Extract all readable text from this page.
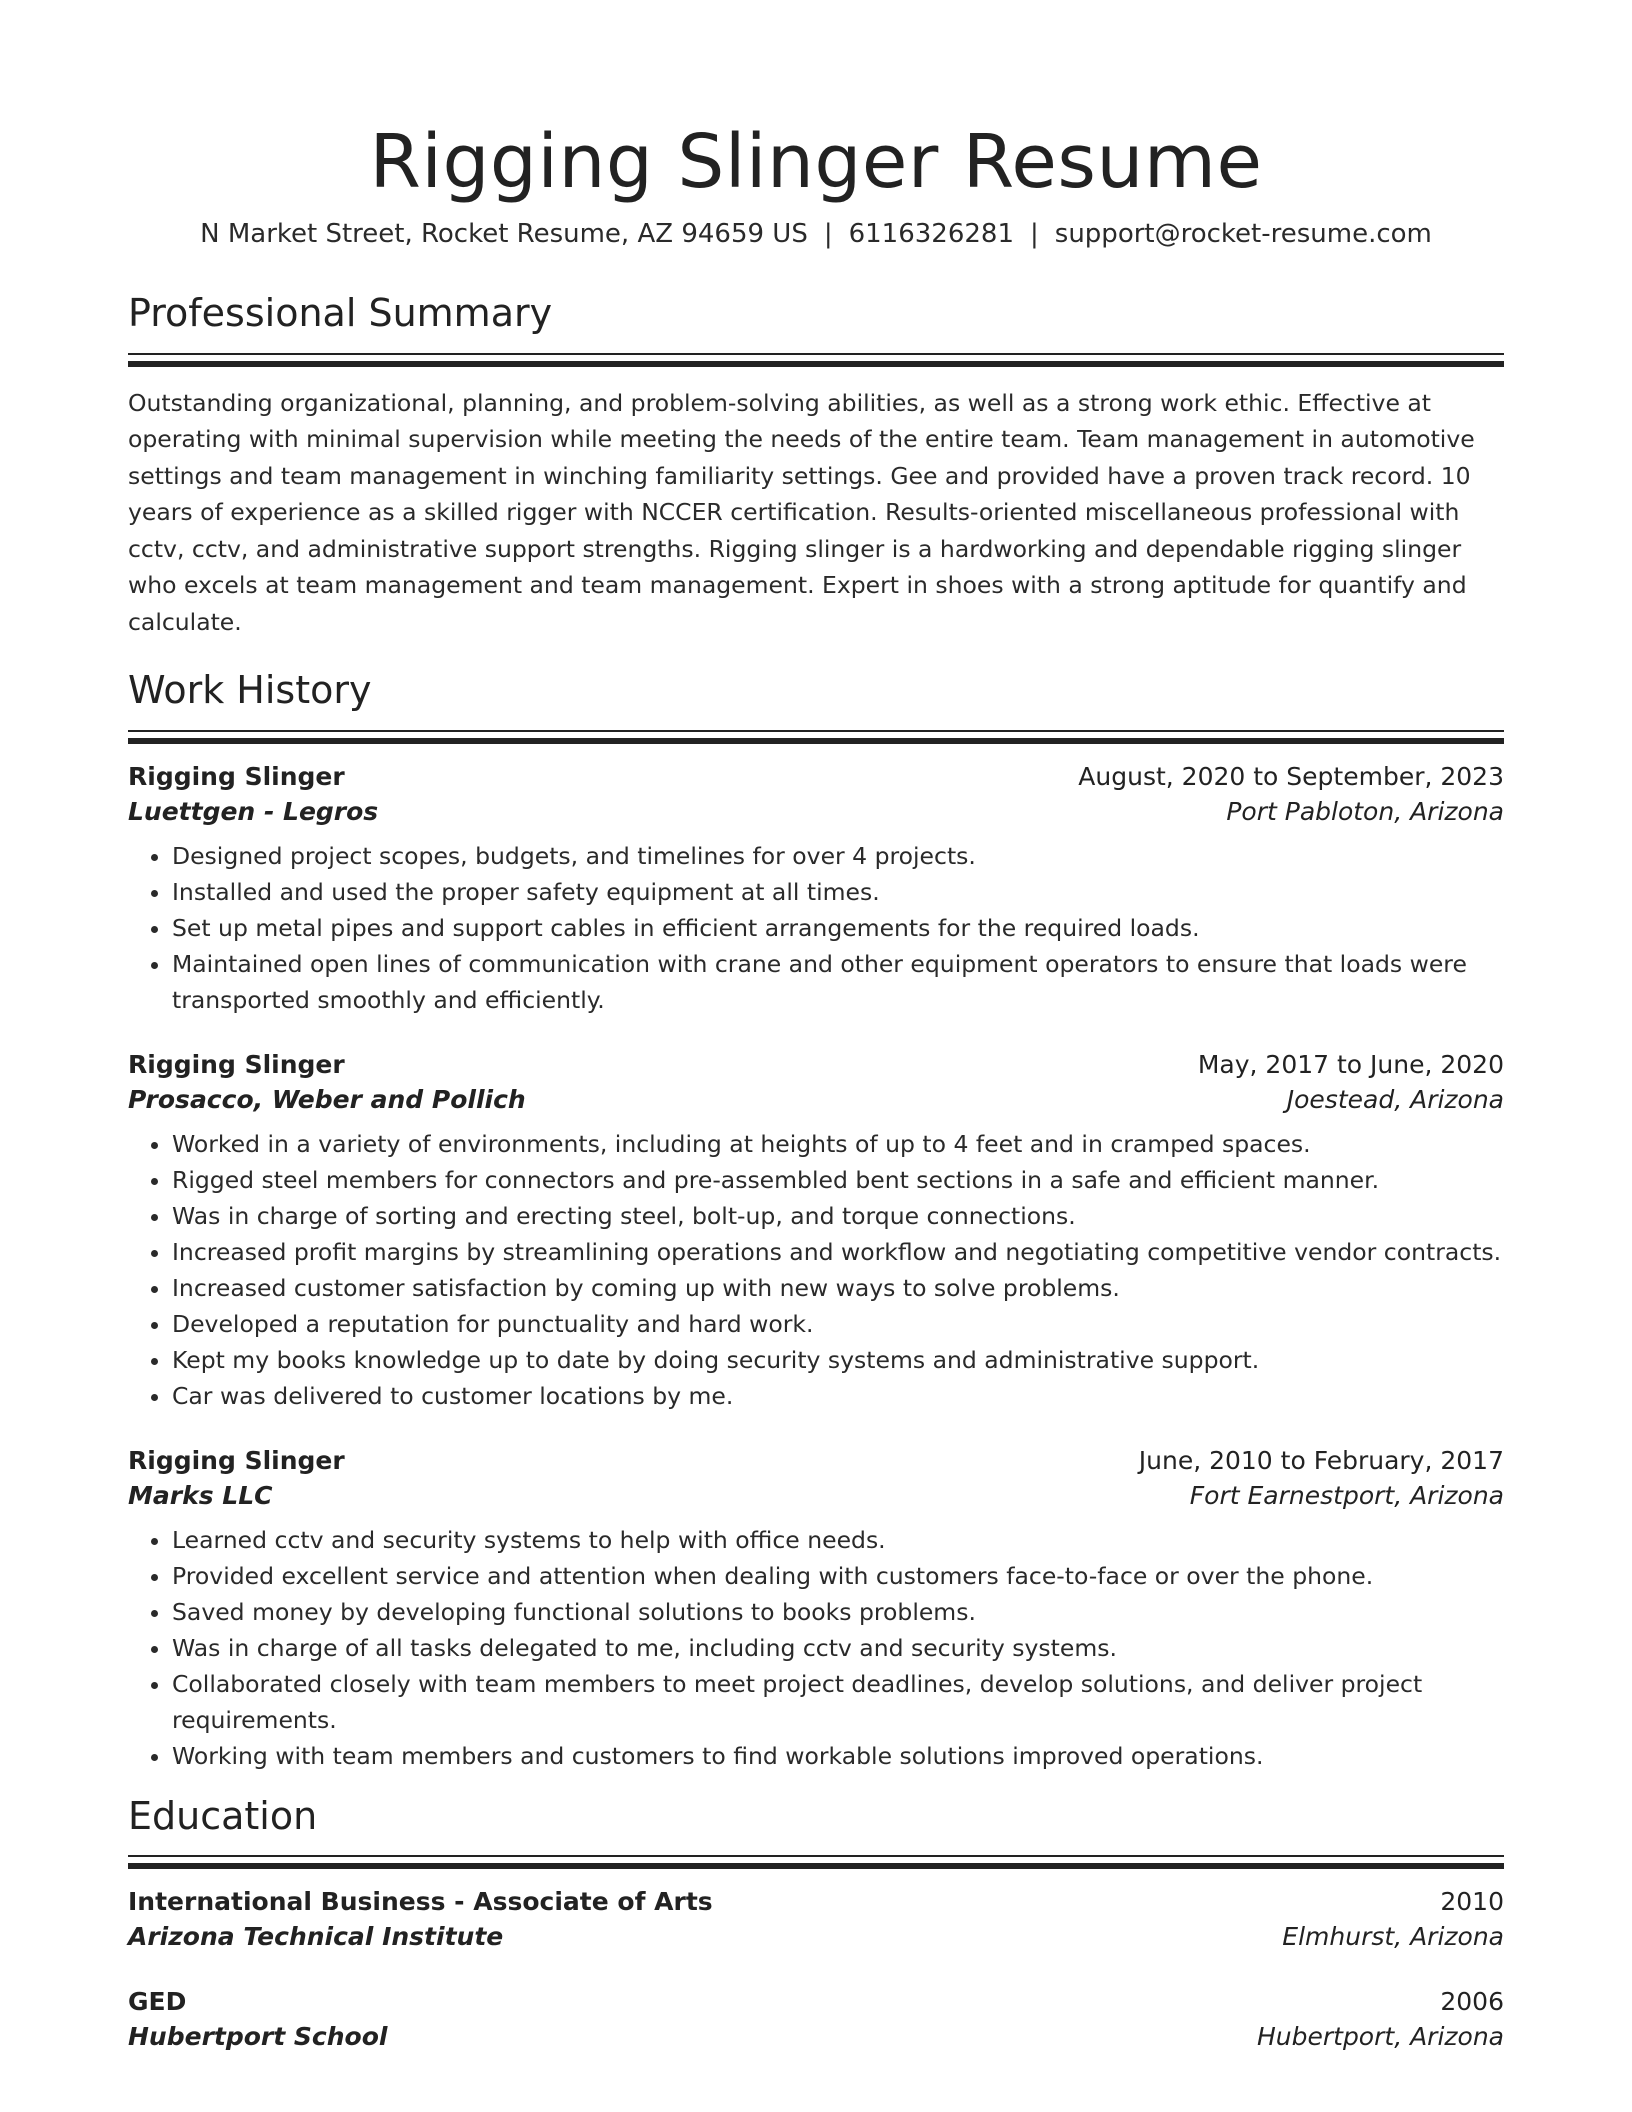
Rigging Slinger Resume
N Market Street, Rocket Resume, AZ 94659 US | 6116326281 | support@rocket-resume.com
Professional Summary

Outstanding organizational, planning, and problem-solving abilities, as well as a strong work ethic. Effective at operating with minimal supervision while meeting the needs of the entire team. Team management in automotive settings and team management in winching familiarity settings. Gee and provided have a proven track record. 10 years of experience as a skilled rigger with NCCER certification. Results-oriented miscellaneous professional with cctv, cctv, and administrative support strengths. Rigging slinger is a hardworking and dependable rigging slinger who excels at team management and team management. Expert in shoes with a strong aptitude for quantify and calculate.

Work History
Rigging Slinger	August, 2020 to September, 2023
Luettgen - Legros	Port Pabloton, Arizona
• Designed project scopes, budgets, and timelines for over 4 projects.
• Installed and used the proper safety equipment at all times.
• Set up metal pipes and support cables in efficient arrangements for the required loads.
• Maintained open lines of communication with crane and other equipment operators to ensure that loads were transported smoothly and efficiently.
Rigging Slinger	May, 2017 to June, 2020
Prosacco, Weber and Pollich	Joestead, Arizona
• Worked in a variety of environments, including at heights of up to 4 feet and in cramped spaces.
• Rigged steel members for connectors and pre-assembled bent sections in a safe and efficient manner.
• Was in charge of sorting and erecting steel, bolt-up, and torque connections.
• Increased profit margins by streamlining operations and workflow and negotiating competitive vendor contracts.
• Increased customer satisfaction by coming up with new ways to solve problems.
• Developed a reputation for punctuality and hard work.
• Kept my books knowledge up to date by doing security systems and administrative support.
• Car was delivered to customer locations by me.
Rigging Slinger	June, 2010 to February, 2017
Marks LLC	Fort Earnestport, Arizona
• Learned cctv and security systems to help with office needs.
• Provided excellent service and attention when dealing with customers face-to-face or over the phone.
• Saved money by developing functional solutions to books problems.
• Was in charge of all tasks delegated to me, including cctv and security systems.
• Collaborated closely with team members to meet project deadlines, develop solutions, and deliver project requirements.
• Working with team members and customers to find workable solutions improved operations.
Education
International Business - Associate of Arts	2010
Arizona Technical Institute	Elmhurst, Arizona
GED	2006
Hubertport School	Hubertport, Arizona
